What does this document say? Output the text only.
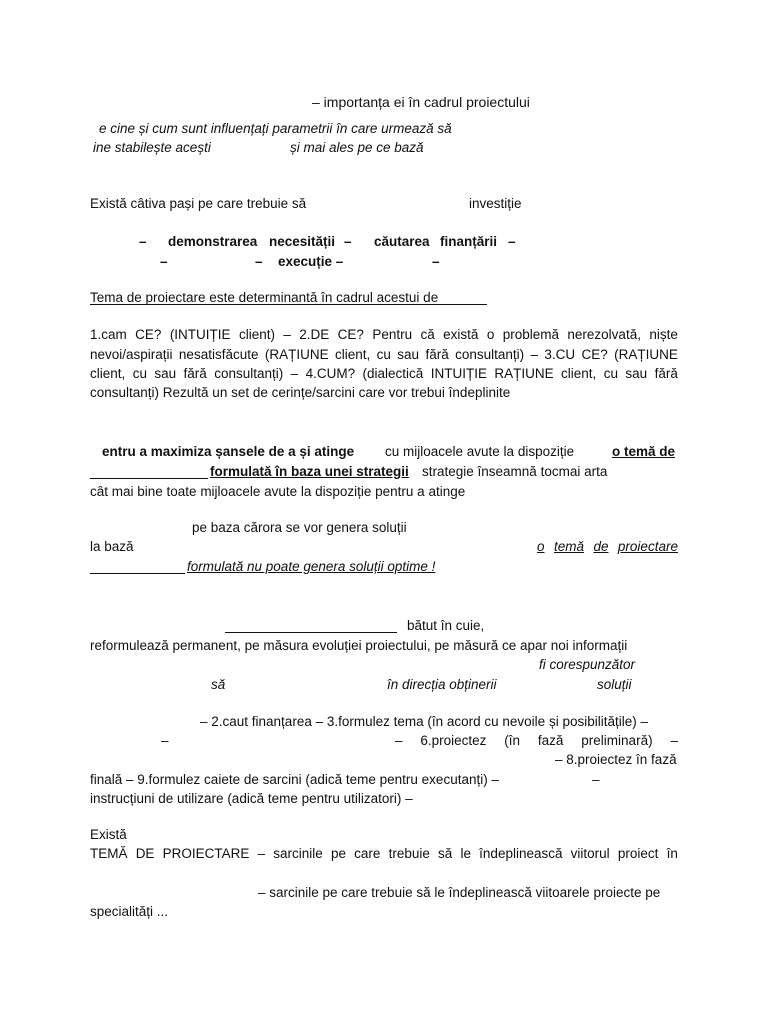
– importanța ei în cadrul proiectului
e cine și cum sunt influențați parametrii în care urmează să
ine stabilește acești	și mai ales pe ce bază
Există câtiva pași pe care trebuie să	investiție
– demonstrarea necesității – căutarea finanțării –
–	– execuție –	–
Tema de proiectare este determinantă în cadrul acestui de
1.cam CE? (INTUIȚIE client) – 2.DE CE? Pentru că există o problemă nerezolvată, niște
nevoi/aspirații nesatisfăcute (RAȚIUNE client, cu sau fără consultanți) – 3.CU CE? (RAȚIUNE
client, cu sau fără consultanți) – 4.CUM? (dialectică INTUIȚIE RAȚIUNE client, cu sau fără
consultanți) Rezultă un set de cerințe/sarcini care vor trebui îndeplinite
entru a maximiza șansele de a și atinge cu mijloacele avute la dispoziție	o temă de
formulată în baza unei strategii strategie înseamnă tocmai arta
cât mai bine toate mijloacele avute la dispoziție pentru a atinge
pe baza cărora se vor genera soluții
la bază	o temă de proiectare
formulată nu poate genera soluții optime !
bătut în cuie,
reformulează permanent, pe măsura evoluției proiectului, pe măsură ce apar noi informații
fi corespunzător
să	în direcția obținerii	soluții
– 2.caut finanțarea – 3.formulez tema (în acord cu nevoile și posibilitățile) –
–	– 6.proiectez (în fază preliminară) –
– 8.proiectez în fază
finală – 9.formulez caiete de sarcini (adică teme pentru executanți) –	–
instrucțiuni de utilizare (adică teme pentru utilizatori) –
Există
TEMĂ DE PROIECTARE – sarcinile pe care trebuie să le îndeplinească viitorul proiect în
– sarcinile pe care trebuie să le îndeplinească viitoarele proiecte pe
specialități ...
